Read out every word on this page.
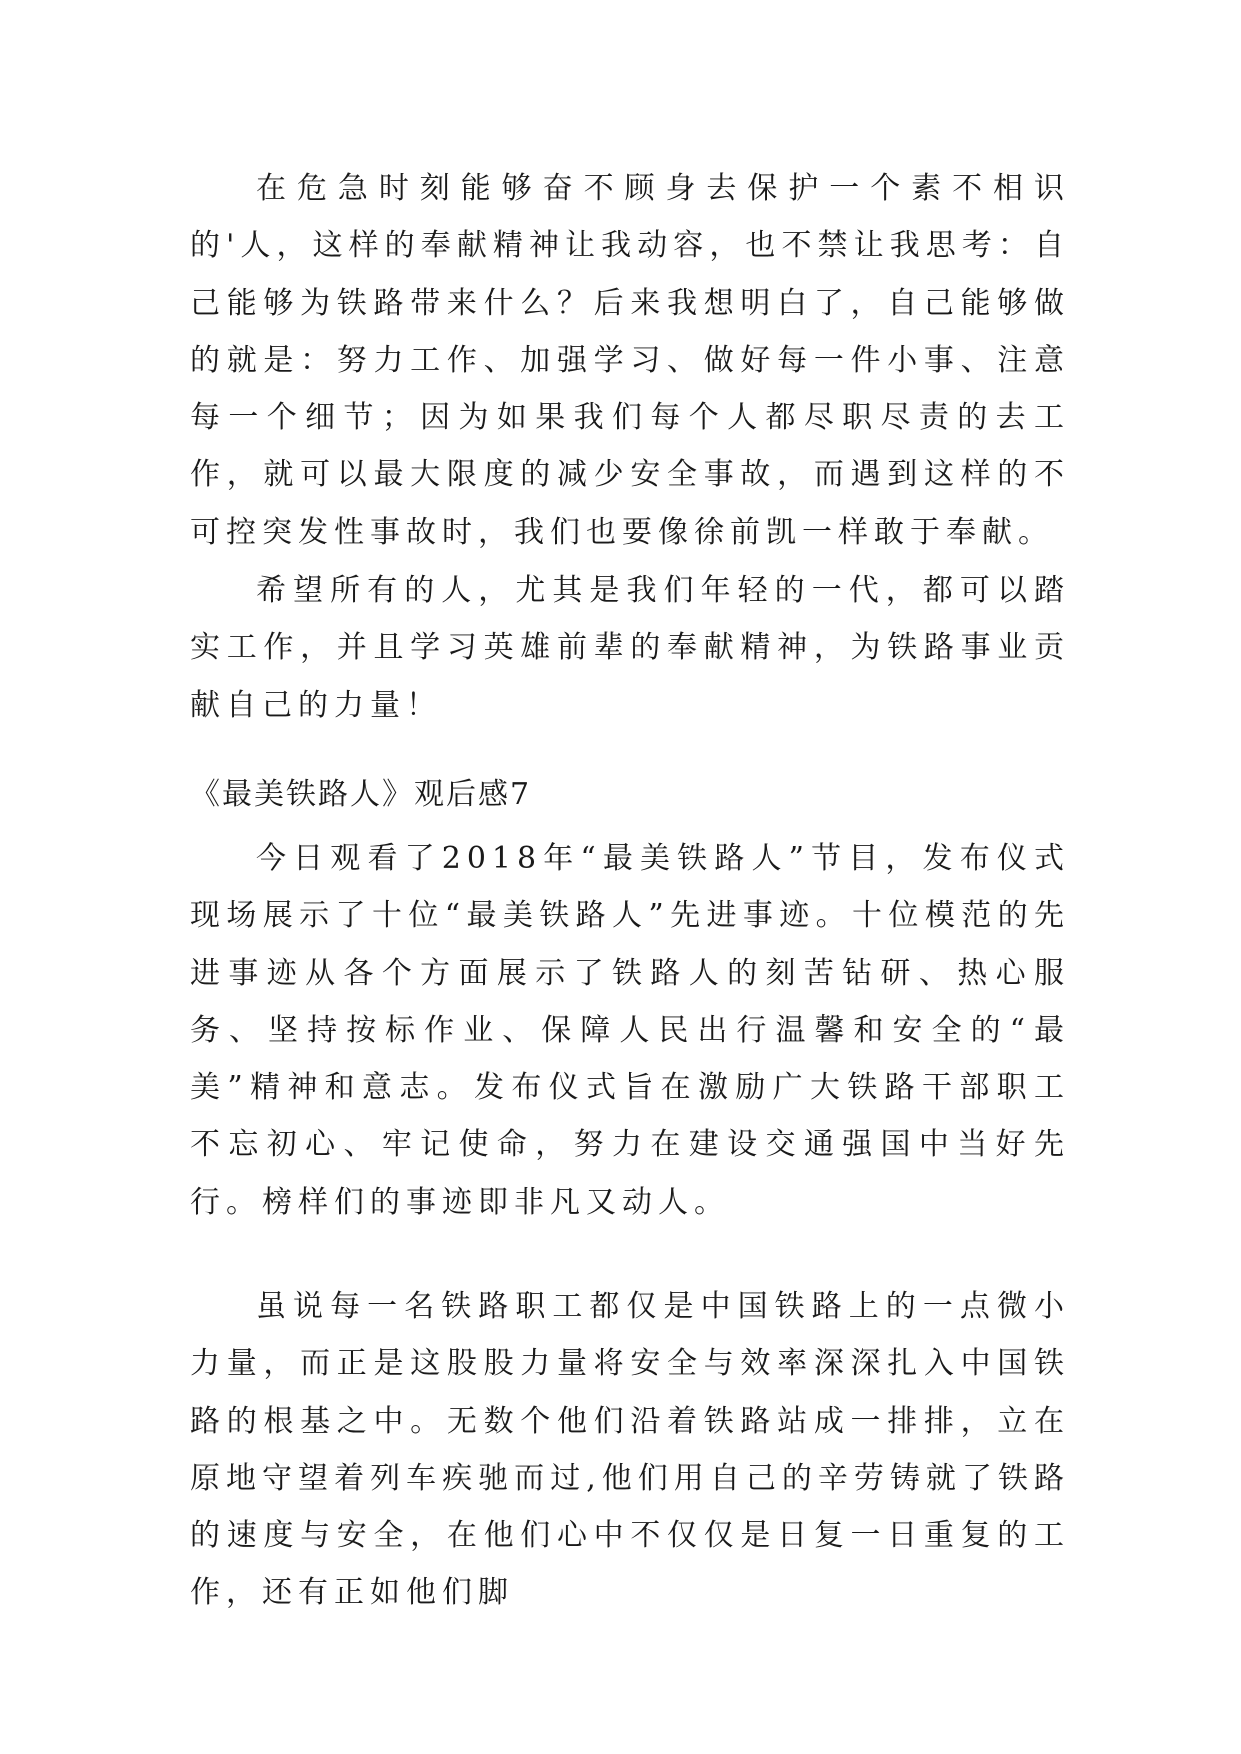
在危急时刻能够奋不顾身去保护一个素不相识的'人，这样的奉献精神让我动容，也不禁让我思考：自己能够为铁路带来什么？后来我想明白了，自己能够做的就是：努力工作、加强学习、做好每一件小事、注意每一个细节；因为如果我们每个人都尽职尽责的去工作，就可以最大限度的减少安全事故，而遇到这样的不可控突发性事故时，我们也要像徐前凯一样敢于奉献。

希望所有的人，尤其是我们年轻的一代，都可以踏实工作，并且学习英雄前辈的奉献精神，为铁路事业贡献自己的力量！

《最美铁路人》观后感7

今日观看了2018年“最美铁路人”节目，发布仪式现场展示了十位“最美铁路人”先进事迹。十位模范的先进事迹从各个方面展示了铁路人的刻苦钻研、热心服务、坚持按标作业、保障人民出行温馨和安全的“最美”精神和意志。发布仪式旨在激励广大铁路干部职工不忘初心、牢记使命，努力在建设交通强国中当好先行。榜样们的事迹即非凡又动人。

虽说每一名铁路职工都仅是中国铁路上的一点微小力量，而正是这股股力量将安全与效率深深扎入中国铁路的根基之中。无数个他们沿着铁路站成一排排，立在原地守望着列车疾驰而过,他们用自己的辛劳铸就了铁路的速度与安全，在他们心中不仅仅是日复一日重复的工作，还有正如他们脚
